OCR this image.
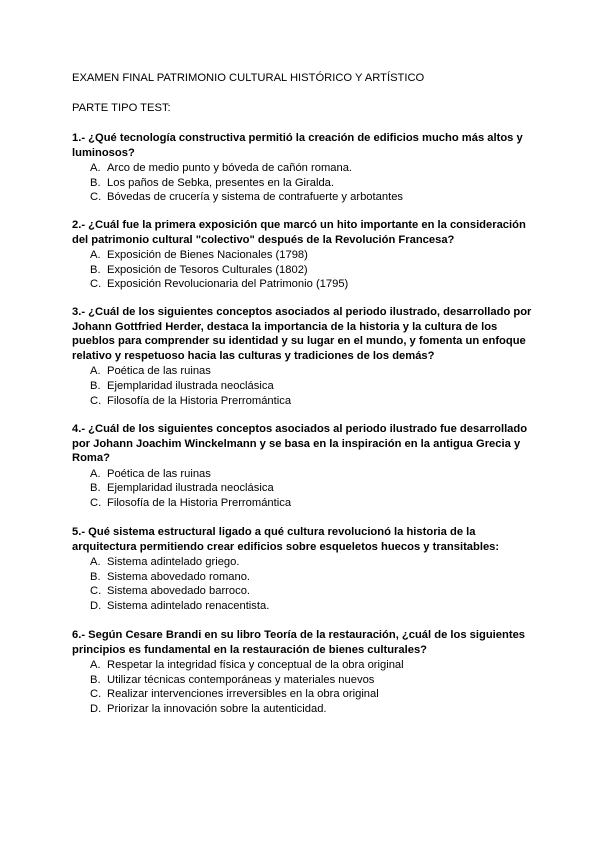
EXAMEN FINAL PATRIMONIO CULTURAL HISTÓRICO Y ARTÍSTICO
PARTE TIPO TEST:

1.- ¿Qué tecnología constructiva permitió la creación de edificios mucho más altos y luminosos?

A. Arco de medio punto y bóveda de cañón romana.
B. Los paños de Sebka, presentes en la Giralda.
C. Bóvedas de crucería y sistema de contrafuerte y arbotantes

2.- ¿Cuál fue la primera exposición que marcó un hito importante en la consideración del patrimonio cultural "colectivo" después de la Revolución Francesa?

A. Exposición de Bienes Nacionales (1798)
B. Exposición de Tesoros Culturales (1802)
C. Exposición Revolucionaria del Patrimonio (1795)

3.- ¿Cuál de los siguientes conceptos asociados al periodo ilustrado, desarrollado por Johann Gottfried Herder, destaca la importancia de la historia y la cultura de los pueblos para comprender su identidad y su lugar en el mundo, y fomenta un enfoque relativo y respetuoso hacia las culturas y tradiciones de los demás?

A. Poética de las ruinas
B. Ejemplaridad ilustrada neoclásica
C. Filosofía de la Historia Prerromántica

4.- ¿Cuál de los siguientes conceptos asociados al periodo ilustrado fue desarrollado por Johann Joachim Winckelmann y se basa en la inspiración en la antigua Grecia y Roma?

A. Poética de las ruinas
B. Ejemplaridad ilustrada neoclásica
C. Filosofía de la Historia Prerromántica

5.- Qué sistema estructural ligado a qué cultura revolucionó la historia de la arquitectura permitiendo crear edificios sobre esqueletos huecos y transitables:

A. Sistema adintelado griego.
B. Sistema abovedado romano.
C. Sistema abovedado barroco.
D. Sistema adintelado renacentista.

6.- Según Cesare Brandi en su libro Teoría de la restauración, ¿cuál de los siguientes principios es fundamental en la restauración de bienes culturales?

A. Respetar la integridad física y conceptual de la obra original
B. Utilizar técnicas contemporáneas y materiales nuevos
C. Realizar intervenciones irreversibles en la obra original
D. Priorizar la innovación sobre la autenticidad.
